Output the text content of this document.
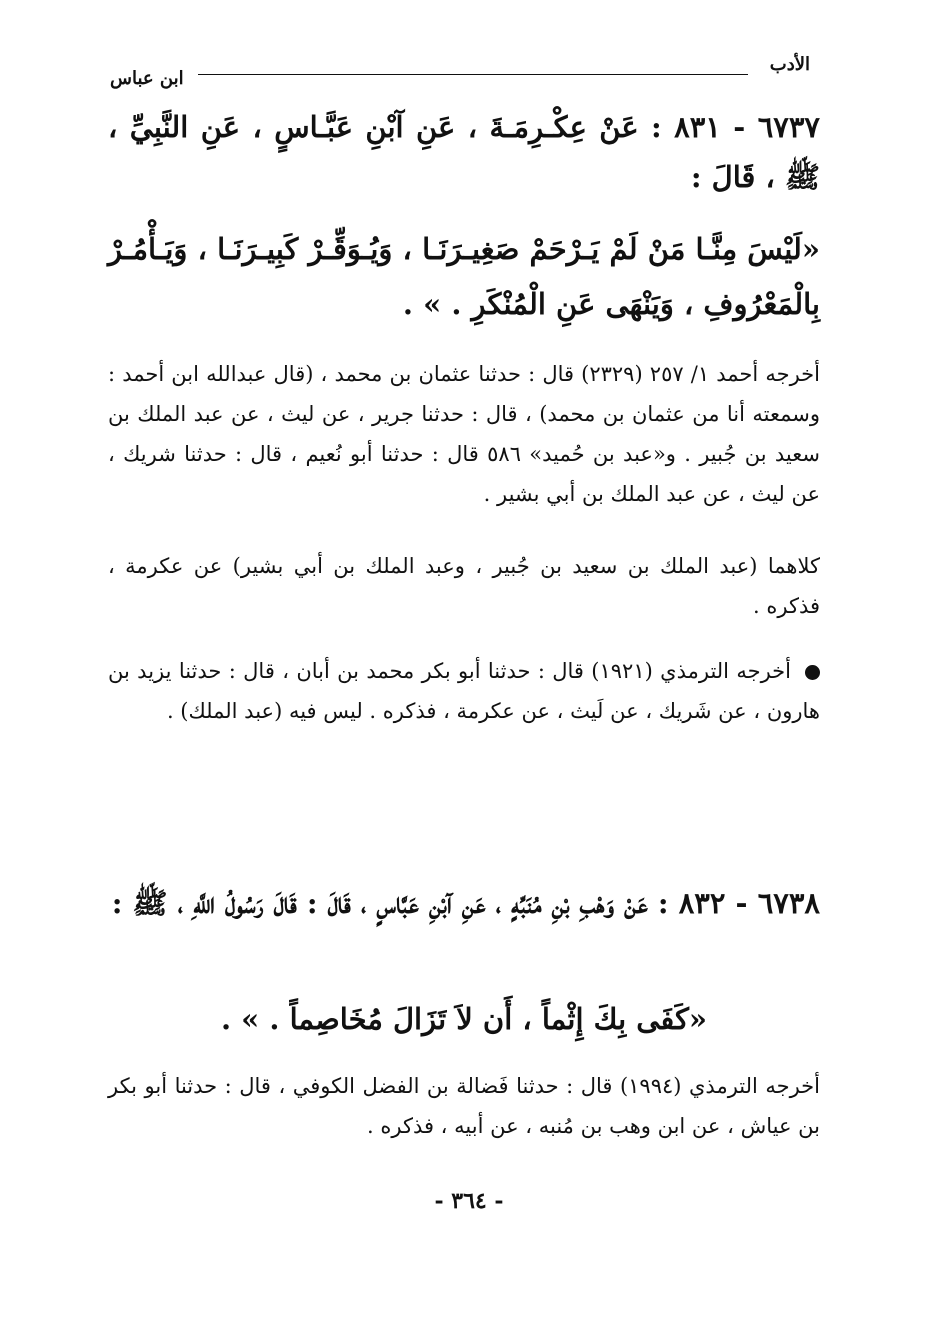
الأدب
ابن عباس
٦٧٣٧ - ٨٣١ : عَنْ عِكْـرِمَـةَ ، عَنِ آبْنِ عَبَّـاسٍ ، عَنِ النَّبِيِّ ، ﷺ ، قَالَ :
«لَيْسَ مِنَّـا مَنْ لَمْ يَـرْحَمْ صَغِيـرَنَـا ، وَيُـوَقِّـرْ كَبِيـرَنَـا ، وَيَـأْمُـرْ بِالْمَعْرُوفِ ، وَيَنْهَى عَنِ الْمُنْكَرِ . » .
أخرجه أحمد ١/ ٢٥٧ (٢٣٢٩) قال : حدثنا عثمان بن محمد ، (قال عبدالله ابن أحمد : وسمعته أنا من عثمان بن محمد) ، قال : حدثنا جرير ، عن ليث ، عن عبد الملك بن سعيد بن جُبير . و«عبد بن حُميد» ٥٨٦ قال : حدثنا أبو نُعيم ، قال : حدثنا شريك ، عن ليث ، عن عبد الملك بن أبي بشير .
كلاهما (عبد الملك بن سعيد بن جُبير ، وعبد الملك بن أبي بشير) عن عكرمة ، فذكره .
أخرجه الترمذي (١٩٢١) قال : حدثنا أبو بكر محمد بن أبان ، قال : حدثنا يزيد بن هارون ، عن شَريك ، عن لَيث ، عن عكرمة ، فذكره . ليس فيه (عبد الملك) .
٦٧٣٨ - ٨٣٢ : عَنْ وَهْبِ بْنِ مُنَبِّهٍ ، عَنِ آبْنِ عَبَّاسٍ ، قَالَ : قَالَ رَسُولُ اللَّهِ ، ﷺ :
«كَفَى بِكَ إِثْماً ، أَن لاَ تَزَالَ مُخَاصِماً . » .
أخرجه الترمذي (١٩٩٤) قال : حدثنا فَضالة بن الفضل الكوفي ، قال : حدثنا أبو بكر بن عياش ، عن ابن وهب بن مُنبه ، عن أبيه ، فذكره .
- ٣٦٤ -
